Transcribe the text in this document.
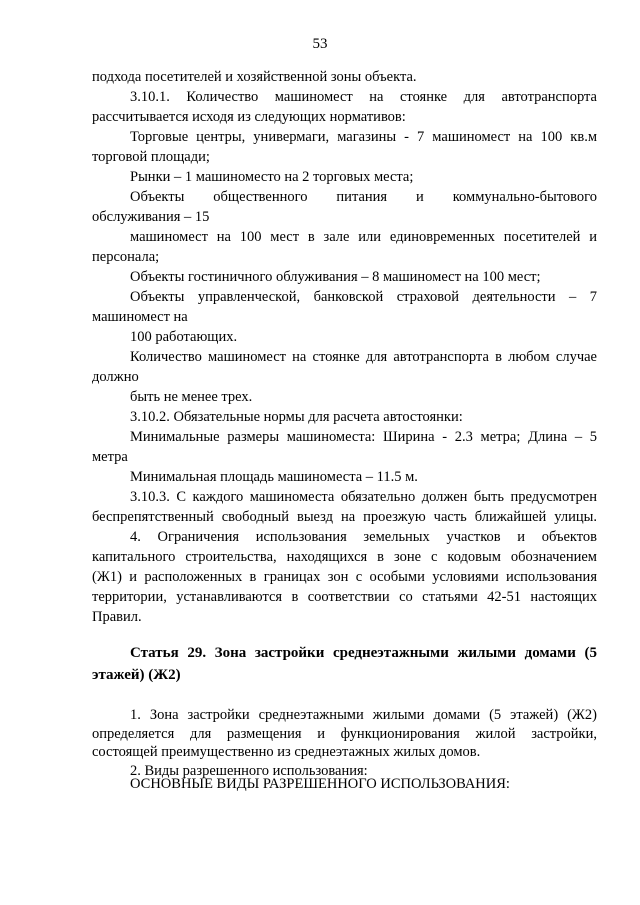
53

подхода посетителей и хозяйственной зоны объекта.

3.10.1. Количество машиномест на стоянке для автотранспорта

рассчитывается исходя из следующих нормативов:

Торговые центры, универмаги, магазины - 7 машиномест на 100 кв.м

торговой площади;

Рынки – 1 машиноместо на 2 торговых места;

Объекты общественного питания и коммунально-бытового

обслуживания – 15

машиномест на 100 мест в зале или единовременных посетителей и

персонала;

Объекты гостиничного облуживания – 8 машиномест на 100 мест;

Объекты управленческой, банковской страховой деятельности – 7

машиномест на

100 работающих.

Количество машиномест на стоянке для автотранспорта в любом случае

должно

быть не менее трех.

3.10.2. Обязательные нормы для расчета автостоянки:

Минимальные размеры машиноместа: Ширина - 2.3 метра; Длина – 5

метра

Минимальная площадь машиноместа – 11.5 м.

3.10.3. С каждого машиноместа обязательно должен быть предусмотрен

беспрепятственный свободный выезд на проезжую часть ближайшей улицы.

4. Ограничения использования земельных участков и объектов

капитального строительства, находящихся в зоне с кодовым обозначением

(Ж1) и расположенных в границах зон с особыми условиями использования

территории, устанавливаются в соответствии со статьями 42-51 настоящих

Правил.

Статья 29. Зона застройки среднеэтажными жилыми домами (5
этажей) (Ж2)

1. Зона застройки среднеэтажными жилыми домами (5 этажей) (Ж2)

определяется для размещения и функционирования жилой застройки,

состоящей преимущественно из среднеэтажных жилых домов.

2. Виды разрешенного использования:

ОСНОВНЫЕ ВИДЫ РАЗРЕШЕННОГО ИСПОЛЬЗОВАНИЯ:
